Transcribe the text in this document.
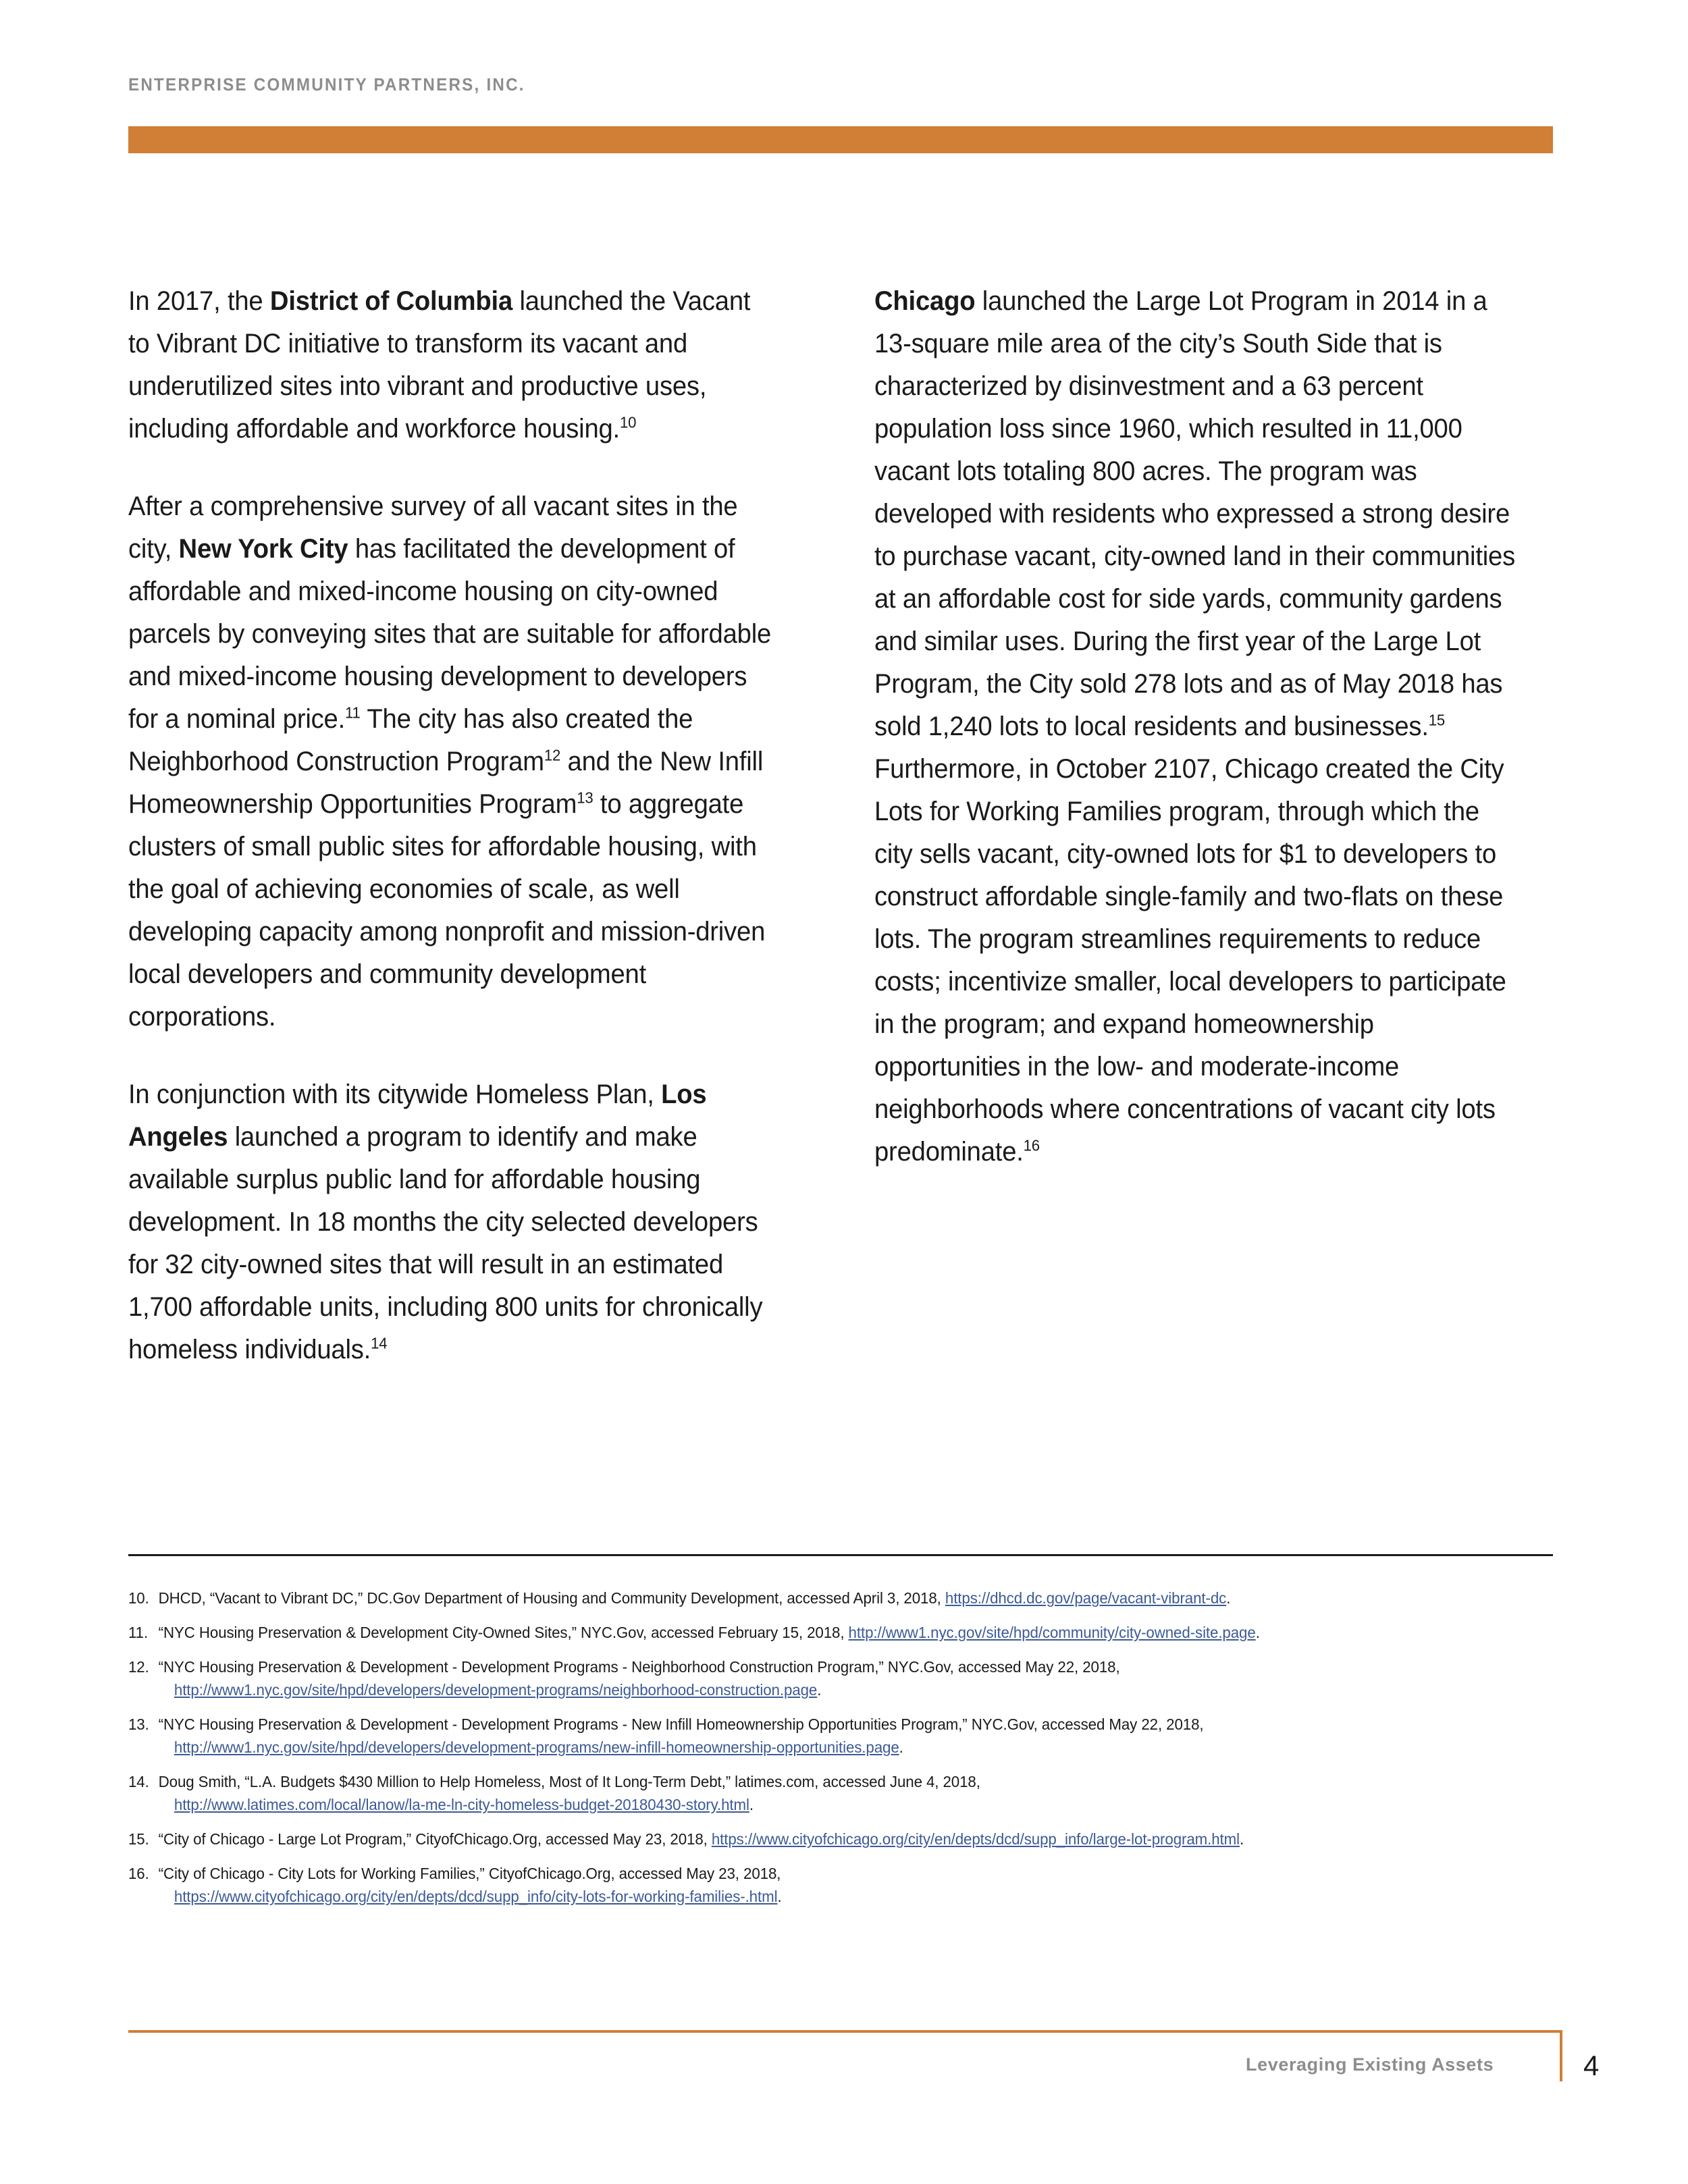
ENTERPRISE COMMUNITY PARTNERS, INC.

In 2017, the District of Columbia launched the Vacant to Vibrant DC initiative to transform its vacant and underutilized sites into vibrant and productive uses, including affordable and workforce housing.$^{10}$

After a comprehensive survey of all vacant sites in the city, New York City has facilitated the development of affordable and mixed-income housing on city-owned parcels by conveying sites that are suitable for affordable and mixed-income housing development to developers for a nominal price.$^{11}$ The city has also created the Neighborhood Construction Program$^{12}$ and the New Infill Homeownership Opportunities Program$^{13}$ to aggregate clusters of small public sites for affordable housing, with the goal of achieving economies of scale, as well developing capacity among nonprofit and mission-driven local developers and community development corporations.

In conjunction with its citywide Homeless Plan, Los Angeles launched a program to identify and make available surplus public land for affordable housing development. In 18 months the city selected developers for 32 city-owned sites that will result in an estimated 1,700 affordable units, including 800 units for chronically homeless individuals.$^{14}$

Chicago launched the Large Lot Program in 2014 in a 13-square mile area of the city’s South Side that is characterized by disinvestment and a 63 percent population loss since 1960, which resulted in 11,000 vacant lots totaling 800 acres. The program was developed with residents who expressed a strong desire to purchase vacant, city-owned land in their communities at an affordable cost for side yards, community gardens and similar uses. During the first year of the Large Lot Program, the City sold 278 lots and as of May 2018 has sold 1,240 lots to local residents and businesses.$^{15}$ Furthermore, in October 2107, Chicago created the City Lots for Working Families program, through which the city sells vacant, city-owned lots for $1 to developers to construct affordable single-family and two-flats on these lots. The program streamlines requirements to reduce costs; incentivize smaller, local developers to participate in the program; and expand homeownership opportunities in the low- and moderate-income neighborhoods where concentrations of vacant city lots predominate.$^{16}$

10. DHCD, “Vacant to Vibrant DC,” DC.Gov Department of Housing and Community Development, accessed April 3, 2018, https://dhcd.dc.gov/page/vacant-vibrant-dc.
11. “NYC Housing Preservation & Development City-Owned Sites,” NYC.Gov, accessed February 15, 2018, http://www1.nyc.gov/site/hpd/community/city-owned-site.page.
12. “NYC Housing Preservation & Development - Development Programs - Neighborhood Construction Program,” NYC.Gov, accessed May 22, 2018,
http://www1.nyc.gov/site/hpd/developers/development-programs/neighborhood-construction.page.
13. “NYC Housing Preservation & Development - Development Programs - New Infill Homeownership Opportunities Program,” NYC.Gov, accessed May 22, 2018,
http://www1.nyc.gov/site/hpd/developers/development-programs/new-infill-homeownership-opportunities.page.
14. Doug Smith, “L.A. Budgets $430 Million to Help Homeless, Most of It Long-Term Debt,” latimes.com, accessed June 4, 2018,
http://www.latimes.com/local/lanow/la-me-ln-city-homeless-budget-20180430-story.html.
15. “City of Chicago - Large Lot Program,” CityofChicago.Org, accessed May 23, 2018, https://www.cityofchicago.org/city/en/depts/dcd/supp_info/large-lot-program.html.
16. “City of Chicago - City Lots for Working Families,” CityofChicago.Org, accessed May 23, 2018,
https://www.cityofchicago.org/city/en/depts/dcd/supp_info/city-lots-for-working-families-.html.
Leveraging Existing Assets	4
